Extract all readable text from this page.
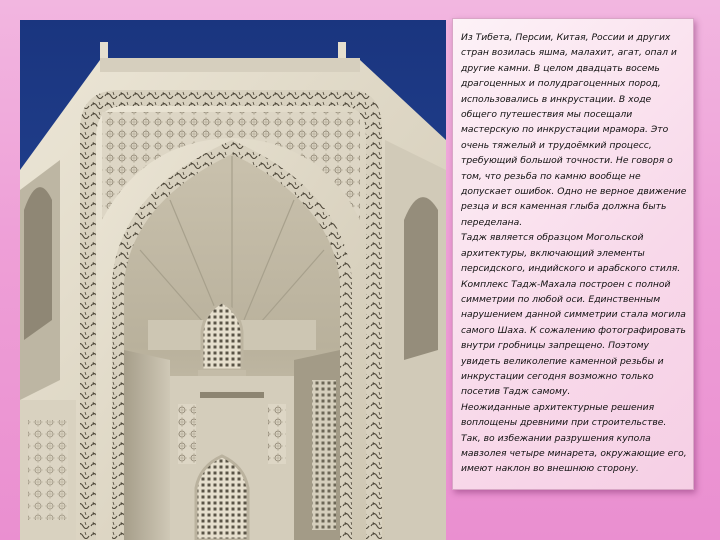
Из Тибета, Персии, Китая, России и других стран возилась яшма, малахит, агат, опал и другие камни. В целом двадцать восемь драгоценных и полудрагоценных пород, использовались в инкрустации. В ходе общего путешествия мы посещали мастерскую по инкрустации мрамора. Это очень тяжелый и трудоёмкий процесс, требующий большой точности. Не говоря о том, что резьба по камню вообще не допускает ошибок. Одно не верное движение резца и вся каменная глыба должна быть переделана.
Тадж является образцом Могольской архитектуры, включающий элементы персидского, индийского и арабского стиля. Комплекс Тадж-Махала построен с полной симметрии по любой оси. Единственным нарушением данной симметрии стала могила самого Шаха. К сожалению фотографировать внутри гробницы запрещено. Поэтому увидеть великолепие каменной резьбы и инкрустации сегодня возможно только посетив Тадж самому.
Неожиданные архитектурные решения воплощены древними при строительстве. Так, во избежании разрушения купола мавзолея четыре минарета, окружающие его, имеют наклон во внешнюю сторону.
